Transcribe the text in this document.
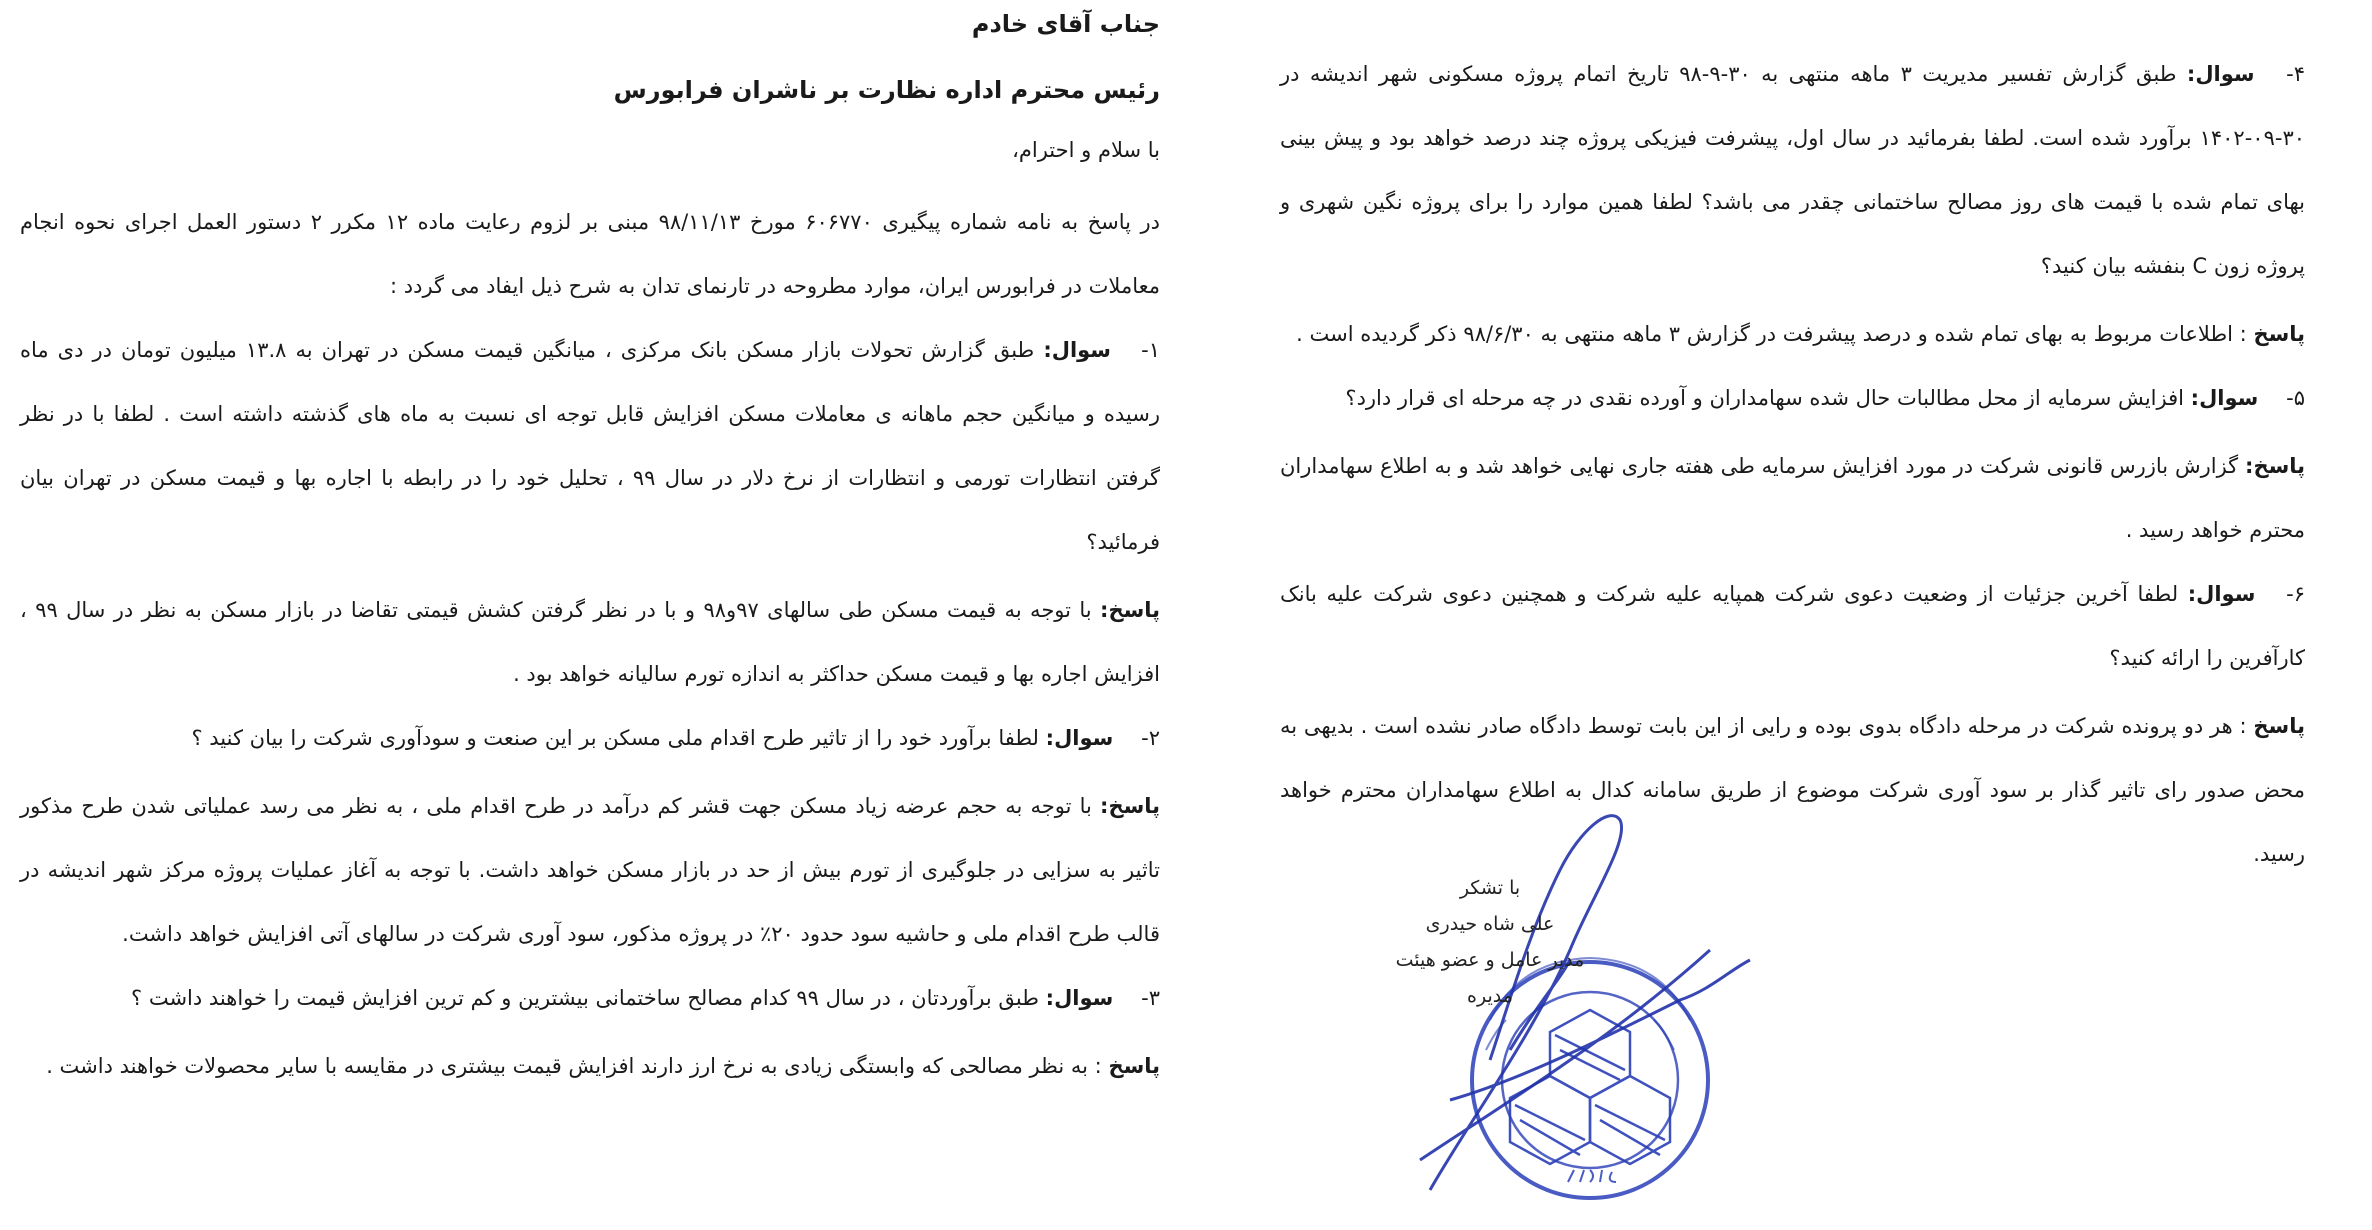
جناب آقای خادم
رئیس محترم اداره نظارت بر ناشران فرابورس
با سلام و احترام،

در پاسخ به نامه شماره پیگیری ۶۰۶۷۷۰ مورخ ۹۸/۱۱/۱۳ مبنی بر لزوم رعایت ماده ۱۲ مکرر ۲ دستور العمل اجرای نحوه انجام معاملات در فرابورس ایران، موارد مطروحه در تارنمای تدان به شرح ذیل ایفاد می گردد :

۱- سوال: طبق گزارش تحولات بازار مسکن بانک مرکزی ، میانگین قیمت مسکن در تهران به ۱۳.۸ میلیون تومان در دی ماه رسیده و میانگین حجم ماهانه ی معاملات مسکن افزایش قابل توجه ای نسبت به ماه های گذشته داشته است . لطفا با در نظر گرفتن انتظارات تورمی و انتظارات از نرخ دلار در سال ۹۹ ، تحلیل خود را در رابطه با اجاره بها و قیمت مسکن در تهران بیان فرمائید؟

پاسخ: با توجه به قیمت مسکن طی سالهای ۹۷و۹۸ و با در نظر گرفتن کشش قیمتی تقاضا در بازار مسکن به نظر در سال ۹۹ ، افزایش اجاره بها و قیمت مسکن حداکثر به اندازه تورم سالیانه خواهد بود .

۲- سوال: لطفا برآورد خود را از تاثیر طرح اقدام ملی مسکن بر این صنعت و سودآوری شرکت را بیان کنید ؟

پاسخ: با توجه به حجم عرضه زیاد مسکن جهت قشر کم درآمد در طرح اقدام ملی ، به نظر می رسد عملیاتی شدن طرح مذکور تاثیر به سزایی در جلوگیری از تورم بیش از حد در بازار مسکن خواهد داشت. با توجه به آغاز عملیات پروژه مرکز شهر اندیشه در قالب طرح اقدام ملی و حاشیه سود حدود ۲۰٪ در پروژه مذکور، سود آوری شرکت در سالهای آتی افزایش خواهد داشت.

۳- سوال: طبق برآوردتان ، در سال ۹۹ کدام مصالح ساختمانی بیشترین و کم ترین افزایش قیمت را خواهند داشت ؟

پاسخ : به نظر مصالحی که وابستگی زیادی به نرخ ارز دارند افزایش قیمت بیشتری در مقایسه با سایر محصولات خواهند داشت .

۴- سوال: طبق گزارش تفسیر مدیریت ۳ ماهه منتهی به ۳۰-۹-۹۸ تاریخ اتمام پروژه مسکونی شهر اندیشه در ۳۰-۰۹-۱۴۰۲ برآورد شده است. لطفا بفرمائید در سال اول، پیشرفت فیزیکی پروژه چند درصد خواهد بود و پیش بینی بهای تمام شده با قیمت های روز مصالح ساختمانی چقدر می باشد؟ لطفا همین موارد را برای پروژه نگین شهری و پروژه زون C بنفشه بیان کنید؟

پاسخ : اطلاعات مربوط به بهای تمام شده و درصد پیشرفت در گزارش ۳ ماهه منتهی به ۹۸/۶/۳۰ ذکر گردیده است .

۵- سوال: افزایش سرمایه از محل مطالبات حال شده سهامداران و آورده نقدی در چه مرحله ای قرار دارد؟

پاسخ: گزارش بازرس قانونی شرکت در مورد افزایش سرمایه طی هفته جاری نهایی خواهد شد و به اطلاع سهامداران محترم خواهد رسید .

۶- سوال: لطفا آخرین جزئیات از وضعیت دعوی شرکت همپایه علیه شرکت و همچنین دعوی شرکت علیه بانک کارآفرین را ارائه کنید؟

پاسخ : هر دو پرونده شرکت در مرحله دادگاه بدوی بوده و رایی از این بابت توسط دادگاه صادر نشده است . بدیهی به محض صدور رای تاثیر گذار بر سود آوری شرکت موضوع از طریق سامانه کدال به اطلاع سهامداران محترم خواهد رسید.

با تشکر
علی شاه حیدری
مدیر عامل و عضو هیئت مدیره
